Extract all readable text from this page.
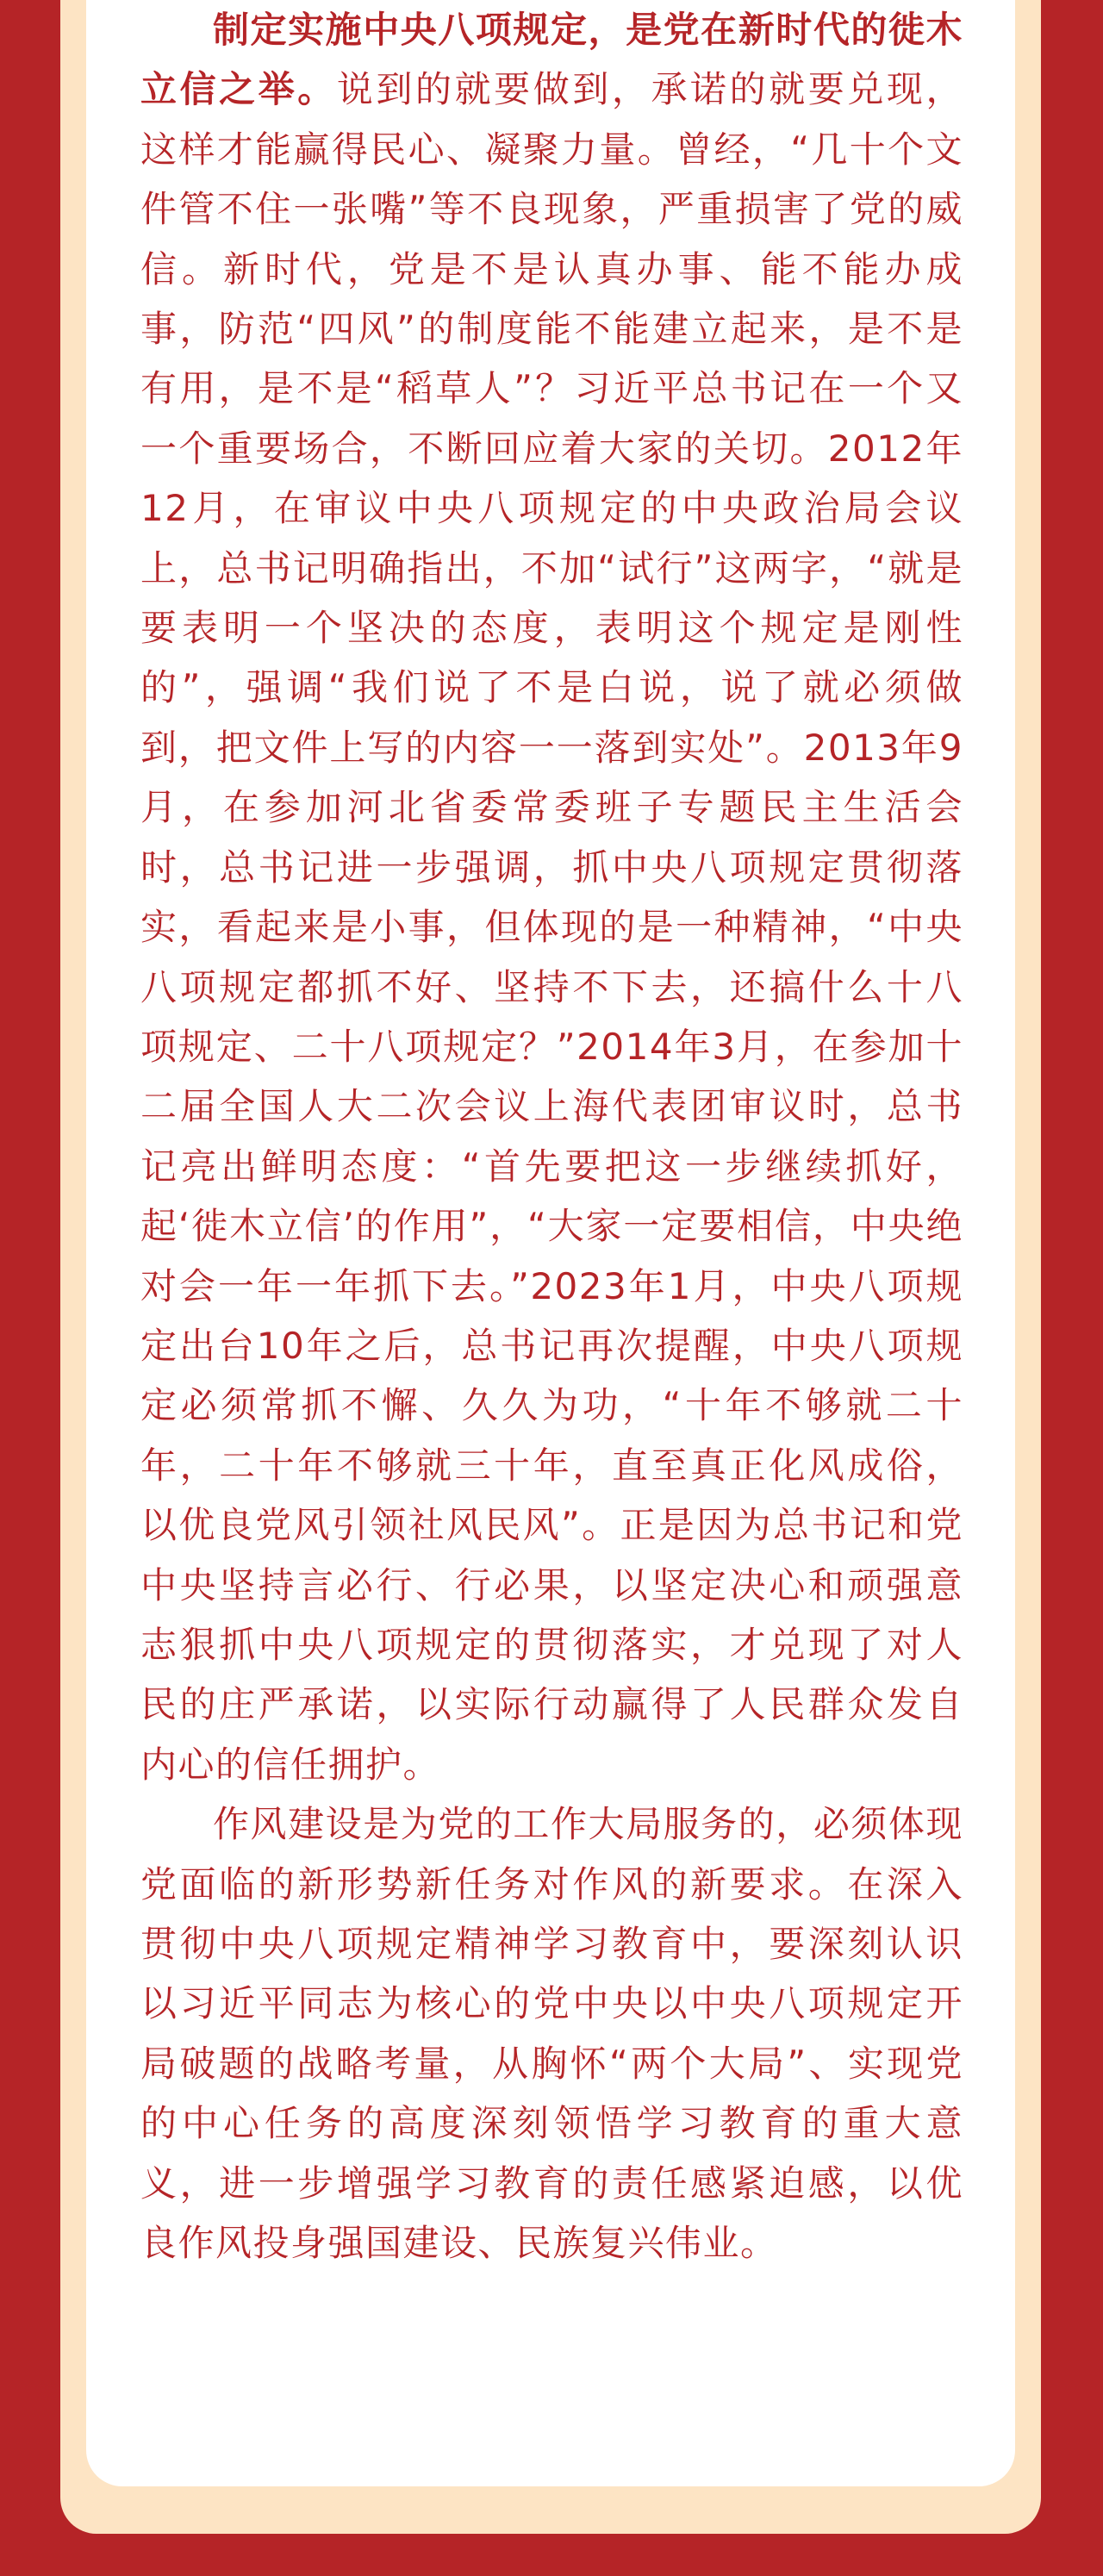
制定实施中央八项规定，是党在新时代的徙木立信之举。说到的就要做到，承诺的就要兑现，这样才能赢得民心、凝聚力量。曾经，“几十个文件管不住一张嘴”等不良现象，严重损害了党的威信。新时代，党是不是认真办事、能不能办成事，防范“四风”的制度能不能建立起来，是不是有用，是不是“稻草人”？习近平总书记在一个又一个重要场合，不断回应着大家的关切。2012年12月，在审议中央八项规定的中央政治局会议上，总书记明确指出，不加“试行”这两字，“就是要表明一个坚决的态度，表明这个规定是刚性的”，强调“我们说了不是白说，说了就必须做到，把文件上写的内容一一落到实处”。2013年9月，在参加河北省委常委班子专题民主生活会时，总书记进一步强调，抓中央八项规定贯彻落实，看起来是小事，但体现的是一种精神，“中央八项规定都抓不好、坚持不下去，还搞什么十八项规定、二十八项规定？”2014年3月，在参加十二届全国人大二次会议上海代表团审议时，总书记亮出鲜明态度：“首先要把这一步继续抓好，起‘徙木立信’的作用”，“大家一定要相信，中央绝对会一年一年抓下去。”2023年1月，中央八项规定出台10年之后，总书记再次提醒，中央八项规定必须常抓不懈、久久为功，“十年不够就二十年，二十年不够就三十年，直至真正化风成俗，以优良党风引领社风民风”。正是因为总书记和党中央坚持言必行、行必果，以坚定决心和顽强意志狠抓中央八项规定的贯彻落实，才兑现了对人民的庄严承诺，以实际行动赢得了人民群众发自内心的信任拥护。

作风建设是为党的工作大局服务的，必须体现党面临的新形势新任务对作风的新要求。在深入贯彻中央八项规定精神学习教育中，要深刻认识以习近平同志为核心的党中央以中央八项规定开局破题的战略考量，从胸怀“两个大局”、实现党的中心任务的高度深刻领悟学习教育的重大意义，进一步增强学习教育的责任感紧迫感，以优良作风投身强国建设、民族复兴伟业。
